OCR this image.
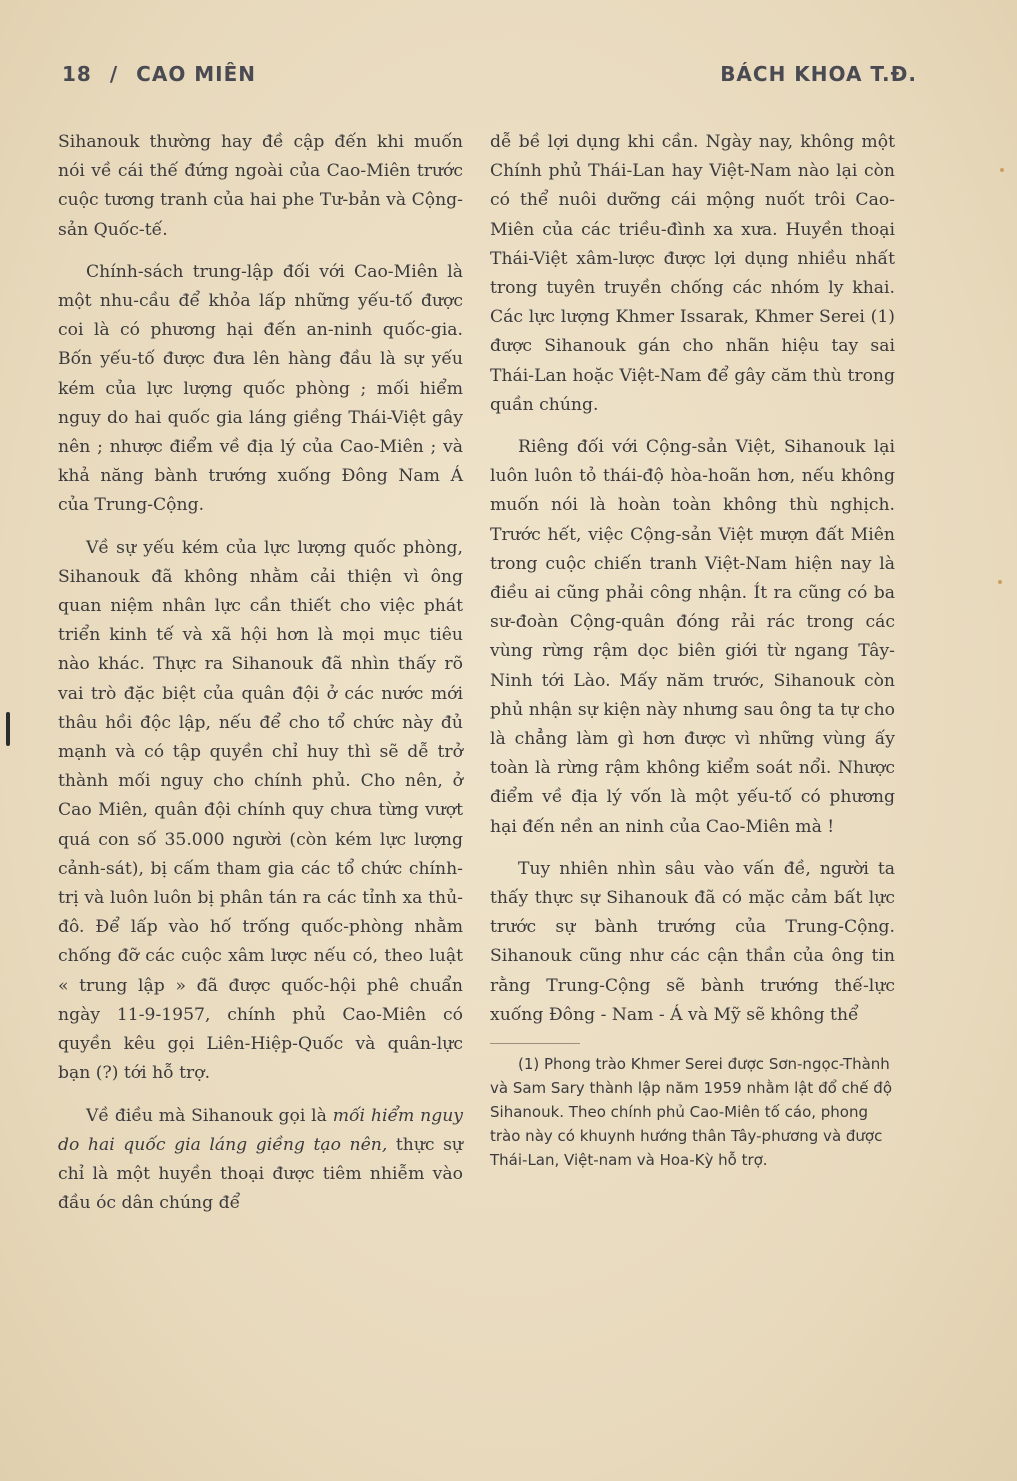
18 / CAO MIÊN	BÁCH KHOA T.Đ.

Sihanouk thường hay đề cập đến khi muốn nói về cái thế đứng ngoài của Cao-Miên trước cuộc tương tranh của hai phe Tư-bản và Cộng-sản Quốc-tế.

Chính-sách trung-lập đối với Cao-Miên là một nhu-cầu để khỏa lấp những yếu-tố được coi là có phương hại đến an-ninh quốc-gia. Bốn yếu-tố được đưa lên hàng đầu là sự yếu kém của lực lượng quốc phòng ; mối hiểm nguy do hai quốc gia láng giềng Thái-Việt gây nên ; nhược điểm về địa lý của Cao-Miên ; và khả năng bành trướng xuống Đông Nam Á của Trung-Cộng.

Về sự yếu kém của lực lượng quốc phòng, Sihanouk đã không nhằm cải thiện vì ông quan niệm nhân lực cần thiết cho việc phát triển kinh tế và xã hội hơn là mọi mục tiêu nào khác. Thực ra Sihanouk đã nhìn thấy rõ vai trò đặc biệt của quân đội ở các nước mới thâu hồi độc lập, nếu để cho tổ chức này đủ mạnh và có tập quyền chỉ huy thì sẽ dễ trở thành mối nguy cho chính phủ. Cho nên, ở Cao Miên, quân đội chính quy chưa từng vượt quá con số 35.000 người (còn kém lực lượng cảnh-sát), bị cấm tham gia các tổ chức chính-trị và luôn luôn bị phân tán ra các tỉnh xa thủ-đô. Để lấp vào hố trống quốc-phòng nhằm chống đỡ các cuộc xâm lược nếu có, theo luật « trung lập » đã được quốc-hội phê chuẩn ngày 11-9-1957, chính phủ Cao-Miên có quyền kêu gọi Liên-Hiệp-Quốc và quân-lực bạn (?) tới hỗ trợ.

Về điều mà Sihanouk gọi là mối hiểm nguy do hai quốc gia láng giềng tạo nên, thực sự chỉ là một huyền thoại được tiêm nhiễm vào đầu óc dân chúng để

dễ bề lợi dụng khi cần. Ngày nay, không một Chính phủ Thái-Lan hay Việt-Nam nào lại còn có thể nuôi dưỡng cái mộng nuốt trôi Cao-Miên của các triều-đình xa xưa. Huyền thoại Thái-Việt xâm-lược được lợi dụng nhiều nhất trong tuyên truyền chống các nhóm ly khai. Các lực lượng Khmer Issarak, Khmer Serei (1) được Sihanouk gán cho nhãn hiệu tay sai Thái-Lan hoặc Việt-Nam để gây căm thù trong quần chúng.

Riêng đối với Cộng-sản Việt, Sihanouk lại luôn luôn tỏ thái-độ hòa-hoãn hơn, nếu không muốn nói là hoàn toàn không thù nghịch. Trước hết, việc Cộng-sản Việt mượn đất Miên trong cuộc chiến tranh Việt-Nam hiện nay là điều ai cũng phải công nhận. Ít ra cũng có ba sư-đoàn Cộng-quân đóng rải rác trong các vùng rừng rậm dọc biên giới từ ngang Tây-Ninh tới Lào. Mấy năm trước, Sihanouk còn phủ nhận sự kiện này nhưng sau ông ta tự cho là chẳng làm gì hơn được vì những vùng ấy toàn là rừng rậm không kiểm soát nổi. Nhược điểm về địa lý vốn là một yếu-tố có phương hại đến nền an ninh của Cao-Miên mà !

Tuy nhiên nhìn sâu vào vấn đề, người ta thấy thực sự Sihanouk đã có mặc cảm bất lực trước sự bành trướng của Trung-Cộng. Sihanouk cũng như các cận thần của ông tin rằng Trung-Cộng sẽ bành trướng thế-lực xuống Đông - Nam - Á và Mỹ sẽ không thể

(1) Phong trào Khmer Serei được Sơn-ngọc-Thành và Sam Sary thành lập năm 1959 nhằm lật đổ chế độ Sihanouk. Theo chính phủ Cao-Miên tố cáo, phong trào này có khuynh hướng thân Tây-phương và được Thái-Lan, Việt-nam và Hoa-Kỳ hỗ trợ.
